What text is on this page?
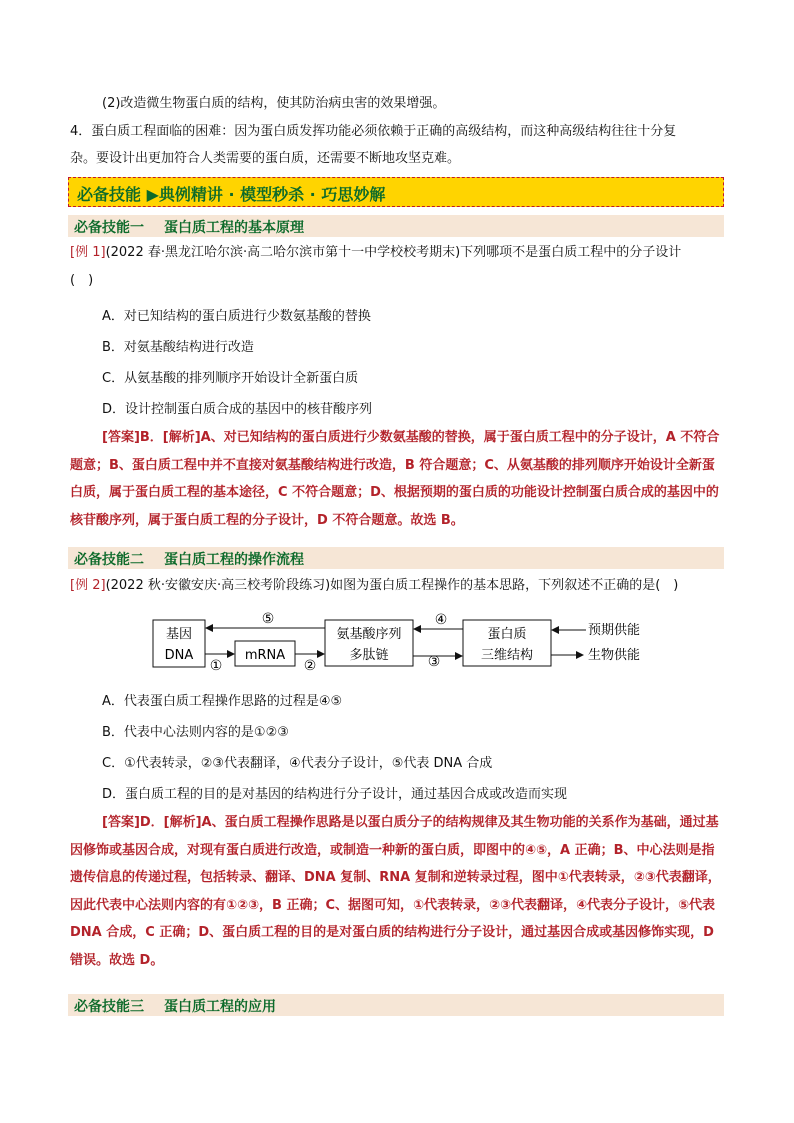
(2)改造微生物蛋白质的结构，使其防治病虫害的效果增强。
4．蛋白质工程面临的困难：因为蛋白质发挥功能必须依赖于正确的高级结构，而这种高级结构往往十分复
杂。要设计出更加符合人类需要的蛋白质，还需要不断地攻坚克难。
必备技能 ▶典例精讲 · 模型秒杀 · 巧思妙解
必备技能一 蛋白质工程的基本原理
[例 1](2022 春·黑龙江哈尔滨·高二哈尔滨市第十一中学校校考期末)下列哪项不是蛋白质工程中的分子设计
(　)
A．对已知结构的蛋白质进行少数氨基酸的替换
B．对氨基酸结构进行改造
C．从氨基酸的排列顺序开始设计全新蛋白质
D．设计控制蛋白质合成的基因中的核苷酸序列
[答案]B．[解析]A、对已知结构的蛋白质进行少数氨基酸的替换，属于蛋白质工程中的分子设计，A 不符合题意；B、蛋白质工程中并不直接对氨基酸结构进行改造，B 符合题意；C、从氨基酸的排列顺序开始设计全新蛋白质，属于蛋白质工程的基本途径，C 不符合题意；D、根据预期的蛋白质的功能设计控制蛋白质合成的基因中的核苷酸序列，属于蛋白质工程的分子设计，D 不符合题意。故选 B。
必备技能二 蛋白质工程的操作流程
[例 2](2022 秋·安徽安庆·高三校考阶段练习)如图为蛋白质工程操作的基本思路，下列叙述不正确的是(　)
基因
DNA	mRNA
氨基酸序列
多肽链
蛋白质
三维结构
⑤
①	②
④
③
预期供能
生物供能
A．代表蛋白质工程操作思路的过程是④⑤
B．代表中心法则内容的是①②③
C．①代表转录，②③代表翻译，④代表分子设计，⑤代表 DNA 合成
D．蛋白质工程的目的是对基因的结构进行分子设计，通过基因合成或改造而实现
[答案]D．[解析]A、蛋白质工程操作思路是以蛋白质分子的结构规律及其生物功能的关系作为基础，通过基因修饰或基因合成，对现有蛋白质进行改造，或制造一种新的蛋白质，即图中的④⑤，A 正确；B、中心法则是指遗传信息的传递过程，包括转录、翻译、DNA 复制、RNA 复制和逆转录过程，图中①代表转录，②③代表翻译，因此代表中心法则内容的有①②③，B 正确；C、据图可知，①代表转录，②③代表翻译，④代表分子设计，⑤代表DNA 合成，C 正确；D、蛋白质工程的目的是对蛋白质的结构进行分子设计，通过基因合成或基因修饰实现，D 错误。故选 D。
必备技能三 蛋白质工程的应用
